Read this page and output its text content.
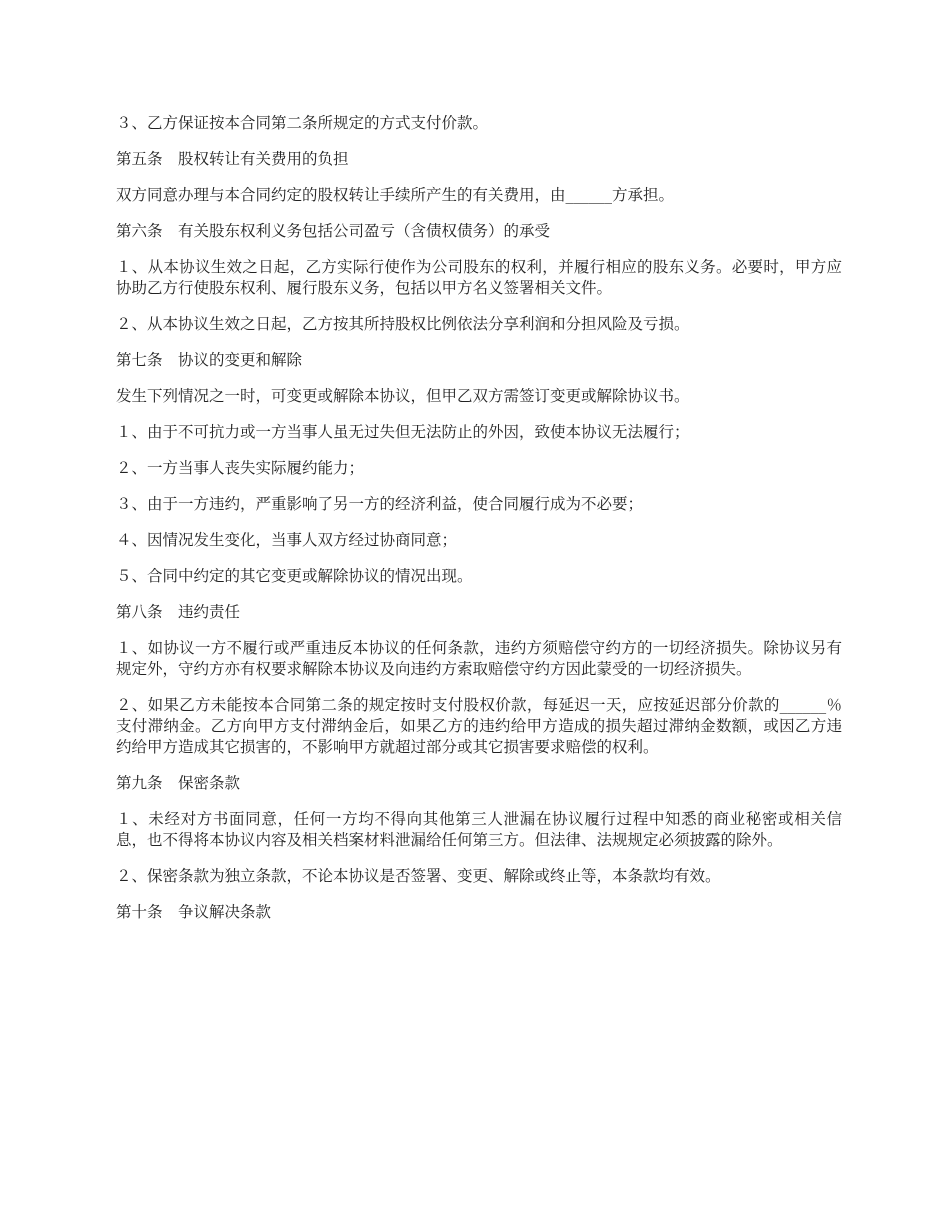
３、乙方保证按本合同第二条所规定的方式支付价款。

第五条　股权转让有关费用的负担

双方同意办理与本合同约定的股权转让手续所产生的有关费用，由______方承担。

第六条　有关股东权利义务包括公司盈亏（含债权债务）的承受

１、从本协议生效之日起，乙方实际行使作为公司股东的权利，并履行相应的股东义务。必要时，甲方应协助乙方行使股东权利、履行股东义务，包括以甲方名义签署相关文件。

２、从本协议生效之日起，乙方按其所持股权比例依法分享利润和分担风险及亏损。

第七条　协议的变更和解除

发生下列情况之一时，可变更或解除本协议，但甲乙双方需签订变更或解除协议书。

１、由于不可抗力或一方当事人虽无过失但无法防止的外因，致使本协议无法履行；

２、一方当事人丧失实际履约能力；

３、由于一方违约，严重影响了另一方的经济利益，使合同履行成为不必要；

４、因情况发生变化，当事人双方经过协商同意；

５、合同中约定的其它变更或解除协议的情况出现。

第八条　违约责任

１、如协议一方不履行或严重违反本协议的任何条款，违约方须赔偿守约方的一切经济损失。除协议另有规定外，守约方亦有权要求解除本协议及向违约方索取赔偿守约方因此蒙受的一切经济损失。

２、如果乙方未能按本合同第二条的规定按时支付股权价款，每延迟一天，应按延迟部分价款的______％支付滞纳金。乙方向甲方支付滞纳金后，如果乙方的违约给甲方造成的损失超过滞纳金数额，或因乙方违约给甲方造成其它损害的，不影响甲方就超过部分或其它损害要求赔偿的权利。

第九条　保密条款

１、未经对方书面同意，任何一方均不得向其他第三人泄漏在协议履行过程中知悉的商业秘密或相关信息，也不得将本协议内容及相关档案材料泄漏给任何第三方。但法律、法规规定必须披露的除外。

２、保密条款为独立条款，不论本协议是否签署、变更、解除或终止等，本条款均有效。

第十条　争议解决条款
